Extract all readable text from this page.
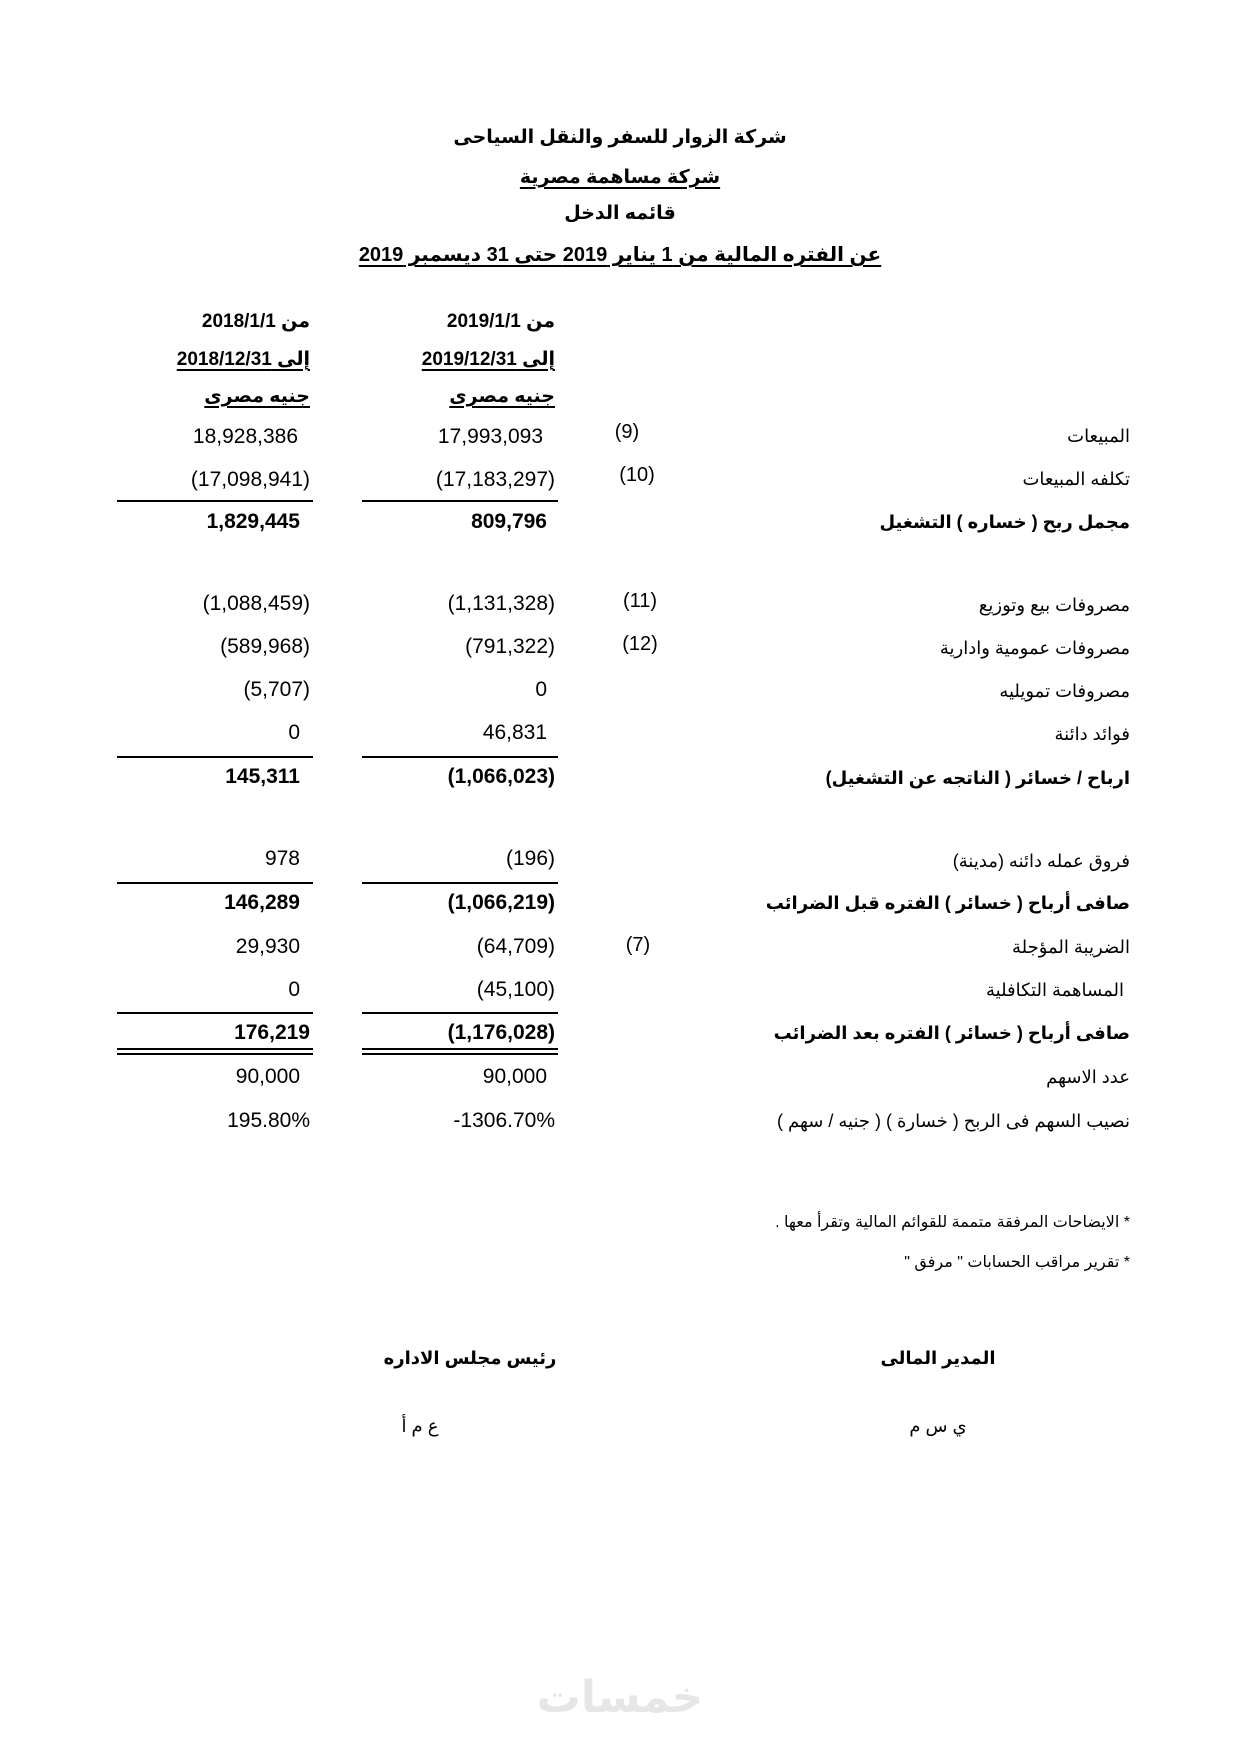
شركة الزوار للسفر والنقل السياحى
شركة مساهمة مصرية
قائمه الدخل
عن الفتره المالية من 1 يناير 2019 حتى 31 ديسمبر 2019
من 2019/1/1
إلى 2019/12/31
جنيه مصرى
من 2018/1/1
إلى 2018/12/31
جنيه مصرى
المبيعات
(9)
17,993,093
18,928,386
تكلفه المبيعات
(10)
(17,183,297)
(17,098,941)
مجمل ربح ( خساره ) التشغيل
809,796
1,829,445
مصروفات بيع وتوزيع
(11)
(1,131,328)
(1,088,459)
مصروفات عمومية وادارية
(12)
(791,322)
(589,968)
مصروفات تمويليه
0
(5,707)
فوائد دائنة
46,831
0
ارباح / خسائر ( الناتجه عن التشغيل)
(1,066,023)
145,311
فروق عمله دائنه (مدينة)
(196)
978
صافى أرباح ( خسائر ) الفتره قبل الضرائب
(1,066,219)
146,289
الضريبة المؤجلة
(7)
(64,709)
29,930
المساهمة التكافلية
(45,100)
0
صافى أرباح ( خسائر ) الفتره بعد الضرائب
(1,176,028)
176,219
عدد الاسهم
90,000
90,000
نصيب السهم فى الربح ( خسارة ) ( جنيه / سهم )
-1306.70%
195.80%
* الايضاحات المرفقة متممة للقوائم المالية وتقرأ معها .
* تقرير مراقب الحسابات " مرفق "
المدير المالى
ي س م
رئيس مجلس الاداره
ع م أ
خمسات
